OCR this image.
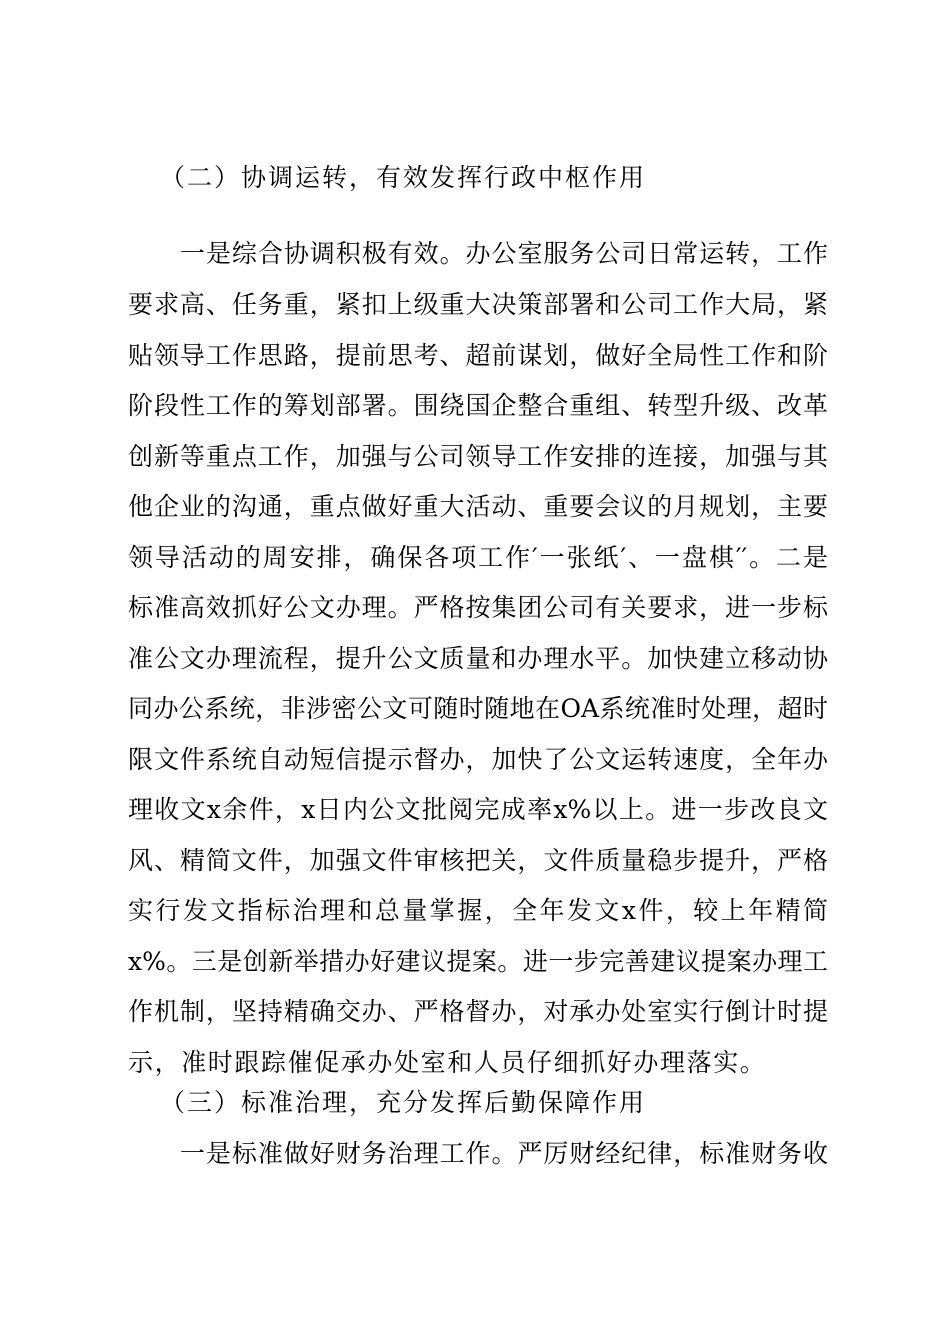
（二）协调运转，有效发挥行政中枢作用
一是综合协调积极有效。办公室服务公司日常运转，工作
要求高、任务重，紧扣上级重大决策部署和公司工作大局，紧
贴领导工作思路，提前思考、超前谋划，做好全局性工作和阶
阶段性工作的筹划部署。围绕国企整合重组、转型升级、改革
创新等重点工作，加强与公司领导工作安排的连接，加强与其
他企业的沟通，重点做好重大活动、重要会议的月规划，主要
领导活动的周安排，确保各项工作′一张纸′、一盘棋′′。二是
标准高效抓好公文办理。严格按集团公司有关要求，进一步标
准公文办理流程，提升公文质量和办理水平。加快建立移动协
同办公系统，非涉密公文可随时随地在OA系统准时处理，超时
限文件系统自动短信提示督办，加快了公文运转速度，全年办
理收文x余件，x日内公文批阅完成率x%以上。进一步改良文
风、精简文件，加强文件审核把关，文件质量稳步提升，严格
实行发文指标治理和总量掌握，全年发文x件，较上年精简
x%。三是创新举措办好建议提案。进一步完善建议提案办理工
作机制，坚持精确交办、严格督办，对承办处室实行倒计时提
示，准时跟踪催促承办处室和人员仔细抓好办理落实。
（三）标准治理，充分发挥后勤保障作用
一是标准做好财务治理工作。严厉财经纪律，标准财务收
